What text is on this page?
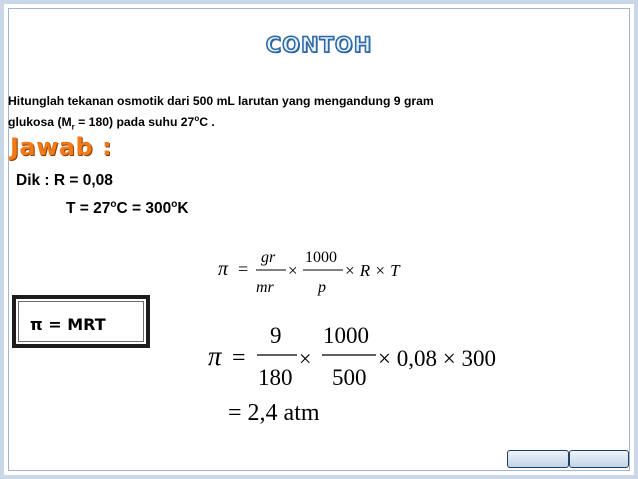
CONTOH
Hitunglah tekanan osmotik dari 500 mL larutan yang mengandung 9 gram
glukosa $(M_r = 180)$ pada suhu 27$^o$C .
Jawab :
Dik : R = 0,08
$T = 27^oC = 300^oK$
π = MRT
π =
gr
mr
×
1000
p
× R × T
π =
9
180
×
1000
500
× 0,08 × 300
= 2,4 atm
